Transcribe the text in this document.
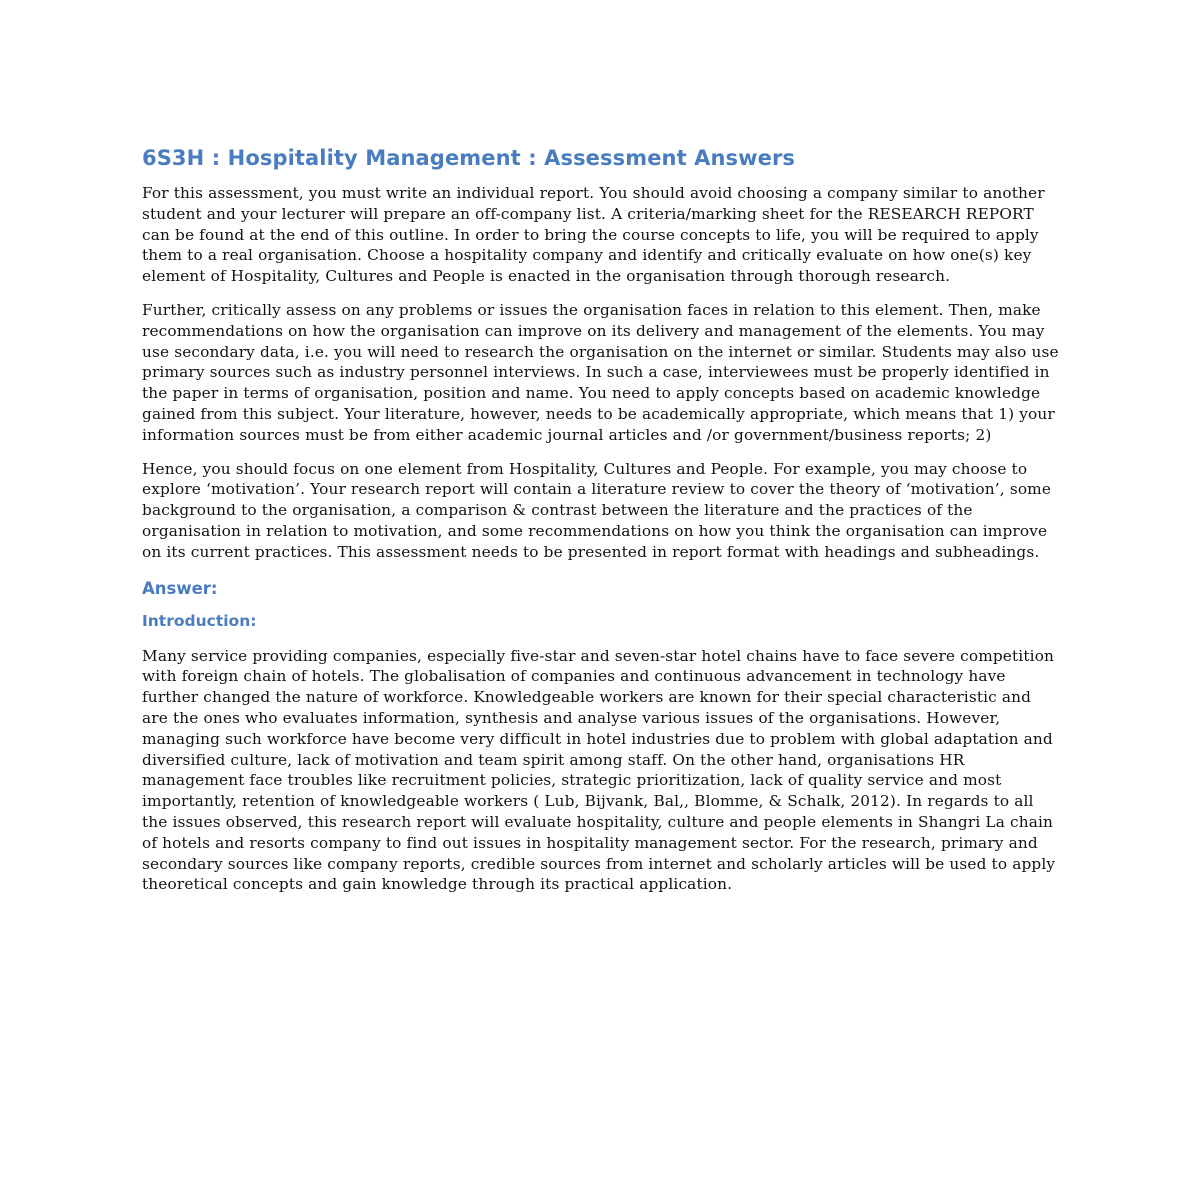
6S3H : Hospitality Management : Assessment Answers

For this assessment, you must write an individual report. You should avoid choosing a company similar to another student and your lecturer will prepare an off-company list. A criteria/marking sheet for the RESEARCH REPORT can be found at the end of this outline. In order to bring the course concepts to life, you will be required to apply them to a real organisation. Choose a hospitality company and identify and critically evaluate on how one(s) key element of Hospitality, Cultures and People is enacted in the organisation through thorough research.

Further, critically assess on any problems or issues the organisation faces in relation to this element. Then, make recommendations on how the organisation can improve on its delivery and management of the elements. You may use secondary data, i.e. you will need to research the organisation on the internet or similar. Students may also use primary sources such as industry personnel interviews. In such a case, interviewees must be properly identified in the paper in terms of organisation, position and name. You need to apply concepts based on academic knowledge gained from this subject. Your literature, however, needs to be academically appropriate, which means that 1) your information sources must be from either academic journal articles and /or government/business reports; 2)

Hence, you should focus on one element from Hospitality, Cultures and People. For example, you may choose to explore ‘motivation’. Your research report will contain a literature review to cover the theory of ‘motivation’, some background to the organisation, a comparison & contrast between the literature and the practices of the organisation in relation to motivation, and some recommendations on how you think the organisation can improve on its current practices. This assessment needs to be presented in report format with headings and subheadings.

Answer:
Introduction:

Many service providing companies, especially five-star and seven-star hotel chains have to face severe competition with foreign chain of hotels. The globalisation of companies and continuous advancement in technology have further changed the nature of workforce. Knowledgeable workers are known for their special characteristic and are the ones who evaluates information, synthesis and analyse various issues of the organisations. However, managing such workforce have become very difficult in hotel industries due to problem with global adaptation and diversified culture, lack of motivation and team spirit among staff. On the other hand, organisations HR management face troubles like recruitment policies, strategic prioritization, lack of quality service and most importantly, retention of knowledgeable workers ( Lub, Bijvank, Bal,, Blomme, & Schalk, 2012). In regards to all the issues observed, this research report will evaluate hospitality, culture and people elements in Shangri La chain of hotels and resorts company to find out issues in hospitality management sector. For the research, primary and secondary sources like company reports, credible sources from internet and scholarly articles will be used to apply theoretical concepts and gain knowledge through its practical application.
